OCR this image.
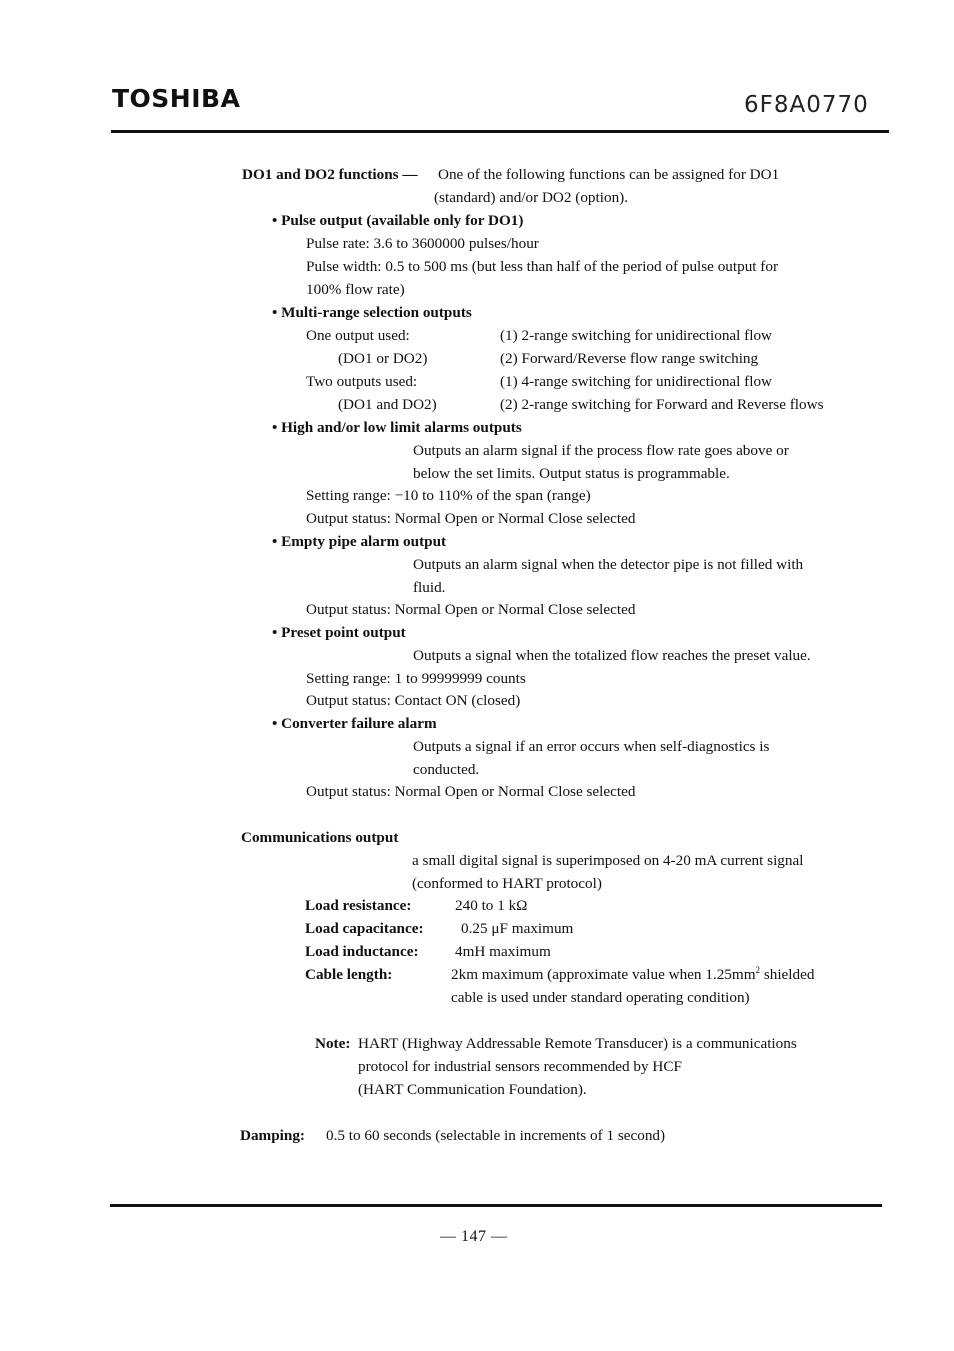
TOSHIBA	6F8A0770
DO1 and DO2 functions — One of the following functions can be assigned for DO1
(standard) and/or DO2 (option).
• Pulse output (available only for DO1)
Pulse rate: 3.6 to 3600000 pulses/hour
Pulse width: 0.5 to 500 ms (but less than half of the period of pulse output for
100% flow rate)
• Multi-range selection outputs
One output used:	(1) 2-range switching for unidirectional flow
(DO1 or DO2)	(2) Forward/Reverse flow range switching
Two outputs used:	(1) 4-range switching for unidirectional flow
(DO1 and DO2)	(2) 2-range switching for Forward and Reverse flows
• High and/or low limit alarms outputs
Outputs an alarm signal if the process flow rate goes above or
below the set limits. Output status is programmable.
Setting range: −10 to 110% of the span (range)
Output status: Normal Open or Normal Close selected
• Empty pipe alarm output
Outputs an alarm signal when the detector pipe is not filled with
fluid.
Output status: Normal Open or Normal Close selected
• Preset point output
Outputs a signal when the totalized flow reaches the preset value.
Setting range: 1 to 99999999 counts
Output status: Contact ON (closed)
• Converter failure alarm
Outputs a signal if an error occurs when self-diagnostics is
conducted.
Output status: Normal Open or Normal Close selected
Communications output
a small digital signal is superimposed on 4-20 mA current signal
(conformed to HART protocol)
Load resistance:	240 to 1 kΩ
Load capacitance: 0.25 μF maximum
Load inductance: 4mH maximum
Cable length:	2km maximum (approximate value when $1.25mm^2$ shielded
cable is used under standard operating condition)
Note: HART (Highway Addressable Remote Transducer) is a communications
protocol for industrial sensors recommended by HCF
(HART Communication Foundation).
Damping: 0.5 to 60 seconds (selectable in increments of 1 second)
— 147 —
